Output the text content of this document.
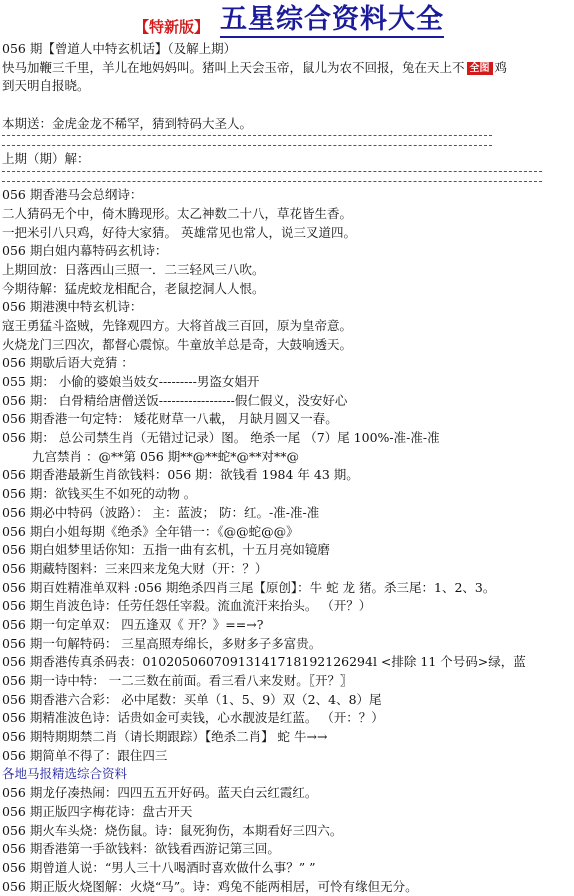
【特新版】 五星综合资料大全
056 期【曾道人中特玄机话】（及解上期）
快马加鞭三千里，羊儿在地妈妈叫。猪叫上天会玉帝，鼠儿为农不回报，兔在天上不 全图 鸡
到天明自报晓。
本期送：金虎金龙不稀罕，猜到特码大圣人。
上期（期）解：
056 期香港马会总纲诗：
二人猜码无个中，倚木腾现形。太乙神数二十八，草花皆生香。
一把米引八只鸡，好待大家猜。 英雄常见也常人，说三叉道四。
056 期白姐内幕特码玄机诗：
上期回放：日落西山三照一．二三轻风三八吹。
今期待解：猛虎蛟龙相配合，老鼠挖洞人人恨。
056 期港澳中特玄机诗：
寇王勇猛斗盗贼，先锋观四方。大将首战三百回，原为皇帝意。
火烧龙门三四次，都督心震惊。牛童放羊总是奇，大鼓响透天。
056 期歇后语大竞猜 ：
055 期： 小偷的婆娘当妓女---------男盗女娼开
056 期： 白骨精给唐僧送饭------------------假仁假义，没安好心
056 期香港一句定特： 矮花财草一八載， 月缺月圆又一春。
056 期： 总公司禁生肖（无错过记录）图。 绝杀一尾 （7）尾 100%-准-准-准
九宫禁肖 ：@**第 056 期**@**蛇*@**对**@
056 期香港最新生肖欲钱料：056 期：欲钱看 1984 年 43 期。
056 期：欲钱买生不如死的动物 。
056 期必中特码（波路）： 主：蓝波； 防：红。-准-准-准
056 期白小姐每期《绝杀》全年错一：《@@蛇@@》
056 期白姐梦里话你知：五指一曲有玄机，十五月亮如镜磨
056 期藏特图料：三来四来龙兔大财（开：？）
056 期百姓精准单双料 :056 期绝杀四肖三尾【原创】：牛 蛇 龙 猪。杀三尾：1、2、3。
056 期生肖波色诗：任劳任怨任宰殺。流血流汗来抬头。 （开？）
056 期一句定单双： 四五逢双《 开？》==→?
056 期一句解特码： 三星高照寿绵长，多财多子多富贵。
056 期香港传真杀码表：01020506070913141718192126294l <排除 11 个号码>绿，蓝
056 期一诗中特： 一二三数在前面。看三看八来发财。〖开？〗
056 期香港六合彩： 必中尾数：买单（1、5、9）双（2、4、8）尾
056 期精准波色诗：话贵如金可卖钱，心水靓波是红蓝。 （开：？）
056 期特期期禁二肖（请长期跟踪）【绝杀二肖】 蛇 牛→→
056 期简单不得了：跟住四三
各地马报精选综合资料
056 期龙仔凑热闹：四四五五开好码。蓝天白云红霞红。
056 期正版四字梅花诗：盘古开天
056 期火车头烧：烧伤鼠。诗：鼠死狗伤，本期看好三四六。
056 期香港第一手欲钱料：欲钱看西游记第三回。
056 期曾道人说：“男人三十八喝酒时喜欢做什么事？” ”
056 期正版火烧图解：火烧“马”。诗：鸡兔不能两相居，可怜有缘但无分。
